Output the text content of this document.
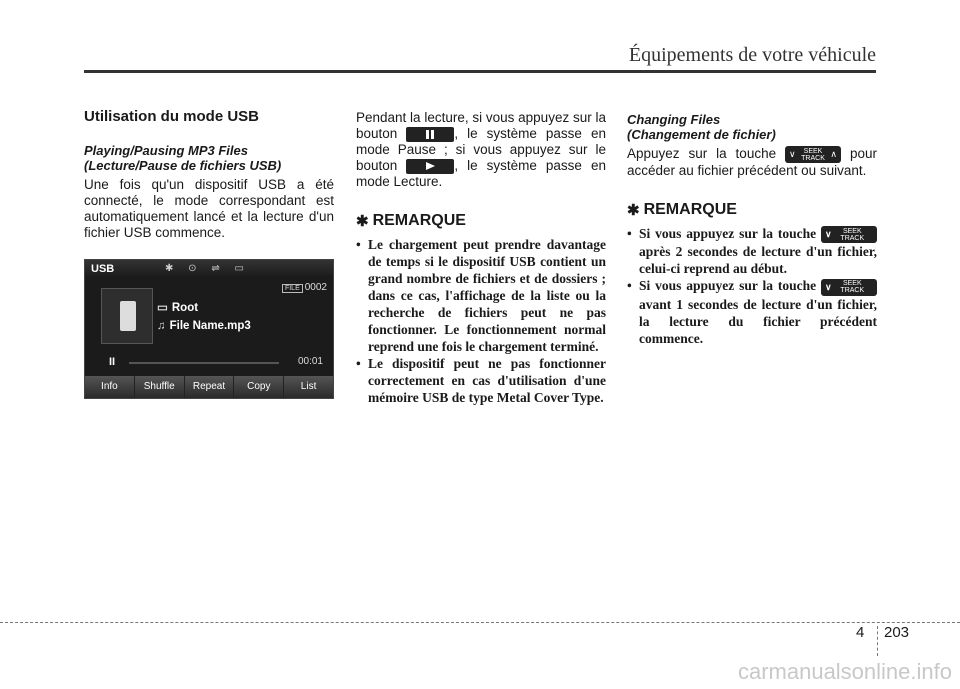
Équipements de votre véhicule
Utilisation du mode USB
Playing/Pausing MP3 Files
(Lecture/Pause de fichiers USB)

Une fois qu'un dispositif USB a été connecté, le mode correspondant est automatiquement lancé et la lecture d'un fichier USB commence.

USB	✱ ⊙ ⇌ ▭
FILE 0002
▭ Root
♫ File Name.mp3
II	00:01
Info	Shuffle	Repeat	Copy	List

Pendant la lecture, si vous appuyez sur la bouton	, le système passe en mode Pause ; si vous appuyez sur le bouton	, le système passe en mode Lecture.

✱ REMARQUE
• Le chargement peut prendre davantage de temps si le dispositif USB contient un grand nombre de fichiers et de dossiers ; dans ce cas, l'affichage de la liste ou la recherche de fichiers peut ne pas fonctionner. Le fonctionnement normal reprend une fois le chargement terminé.
• Le dispositif peut ne pas fonctionner correctement en cas d'utilisation d'une mémoire USB de type Metal Cover Type.
Changing Files
(Changement de fichier)

Appuyez sur la touche ∨	SEEK
TRACK ∧ pour accéder au fichier précédent ou suivant.

✱ REMARQUE
• Si vous appuyez sur la touche ∨	SEEK
TRACK
après 2 secondes de lecture d'un fichier, celui-ci reprend au début.
• Si vous appuyez sur la touche ∨	SEEK
TRACK
avant 1 secondes de lecture d'un fichier, la lecture du fichier précédent commence.
4 203
carmanualsonline.info
